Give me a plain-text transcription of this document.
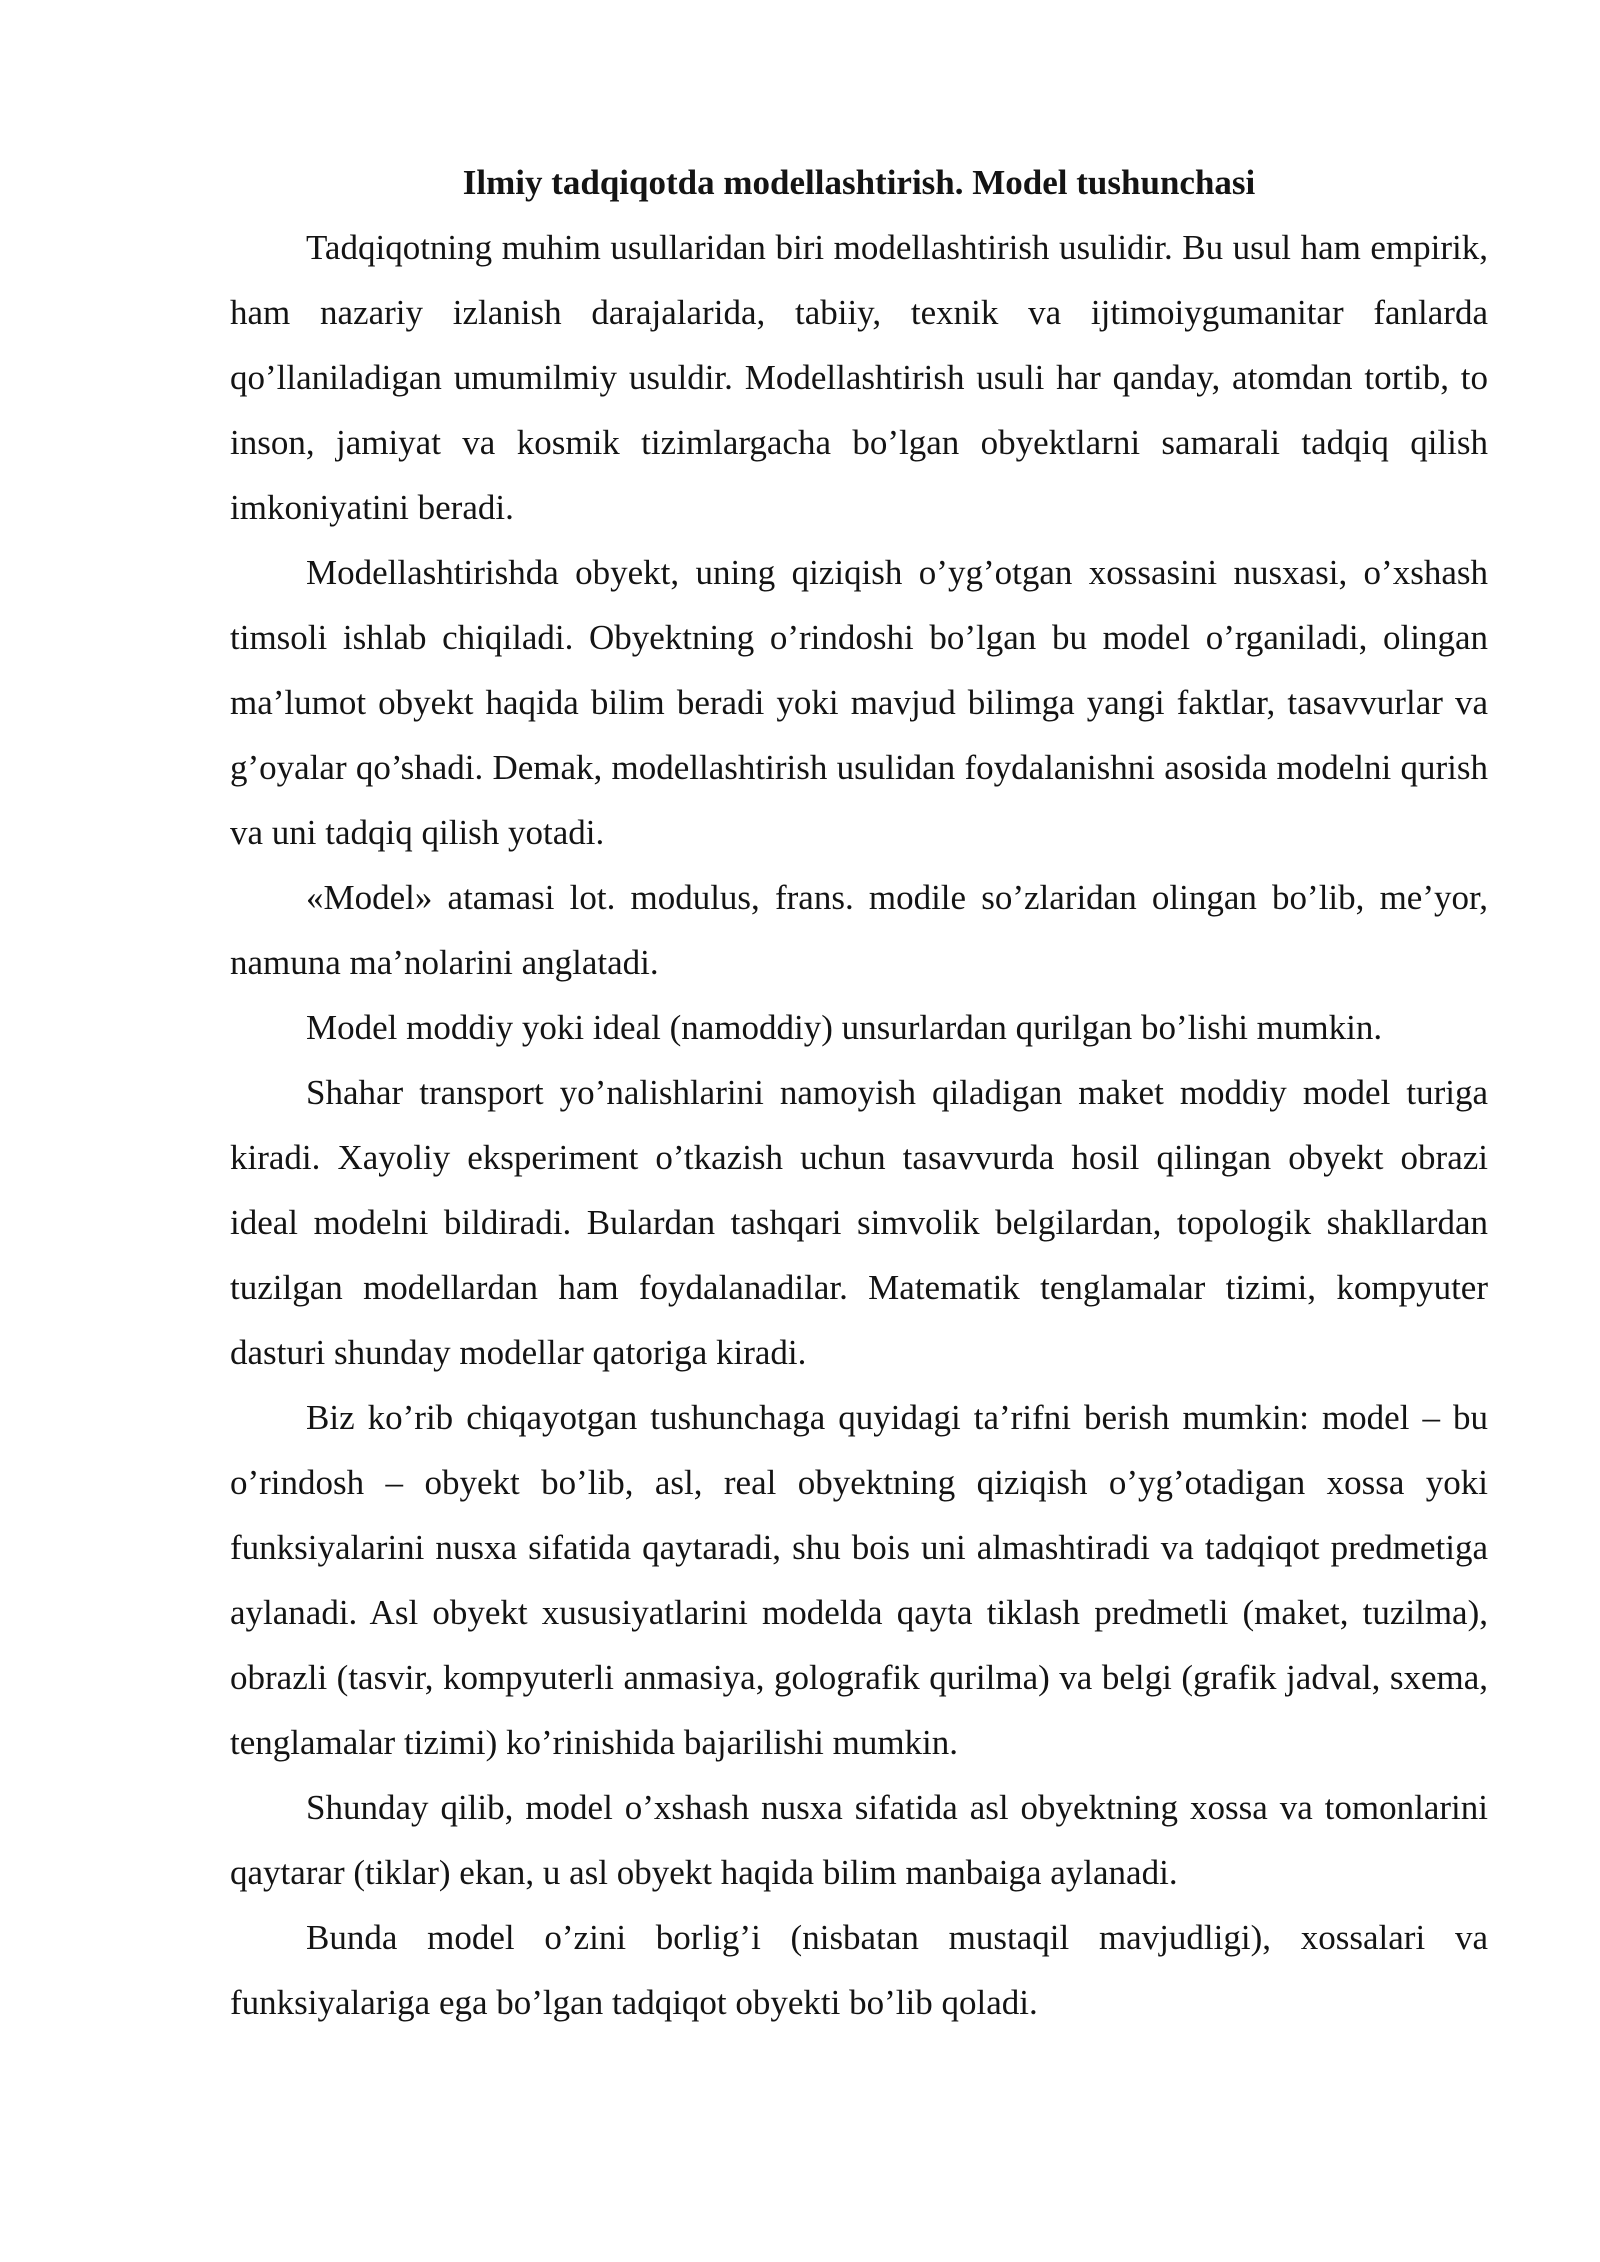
Ilmiy tadqiqotda modellashtirish. Model tushunchasi

Tadqiqotning muhim usullaridan biri modellashtirish usulidir. Bu usul ham empirik, ham nazariy izlanish darajalarida, tabiiy, texnik va ijtimoiygumanitar fanlarda qo’llaniladigan umumilmiy usuldir. Modellashtirish usuli har qanday, atomdan tortib, to inson, jamiyat va kosmik tizimlargacha bo’lgan obyektlarni samarali tadqiq qilish imkoniyatini beradi.

Modellashtirishda obyekt, uning qiziqish o’yg’otgan xossasini nusxasi, o’xshash timsoli ishlab chiqiladi. Obyektning o’rindoshi bo’lgan bu model o’rganiladi, olingan ma’lumot obyekt haqida bilim beradi yoki mavjud bilimga yangi faktlar, tasavvurlar va g’oyalar qo’shadi. Demak, modellashtirish usulidan foydalanishni asosida modelni qurish va uni tadqiq qilish yotadi.

«Model» atamasi lot. modulus, frans. modile so’zlaridan olingan bo’lib, me’yor, namuna ma’nolarini anglatadi.

Model moddiy yoki ideal (namoddiy) unsurlardan qurilgan bo’lishi mumkin.

Shahar transport yo’nalishlarini namoyish qiladigan maket moddiy model turiga kiradi. Xayoliy eksperiment o’tkazish uchun tasavvurda hosil qilingan obyekt obrazi ideal modelni bildiradi. Bulardan tashqari simvolik belgilardan, topologik shakllardan tuzilgan modellardan ham foydalanadilar. Matematik tenglamalar tizimi, kompyuter dasturi shunday modellar qatoriga kiradi.

Biz ko’rib chiqayotgan tushunchaga quyidagi ta’rifni berish mumkin: model – bu o’rindosh – obyekt bo’lib, asl, real obyektning qiziqish o’yg’otadigan xossa yoki funksiyalarini nusxa sifatida qaytaradi, shu bois uni almashtiradi va tadqiqot predmetiga aylanadi. Asl obyekt xususiyatlarini modelda qayta tiklash predmetli (maket, tuzilma), obrazli (tasvir, kompyuterli anmasiya, golografik qurilma) va belgi (grafik jadval, sxema, tenglamalar tizimi) ko’rinishida bajarilishi mumkin.

Shunday qilib, model o’xshash nusxa sifatida asl obyektning xossa va tomonlarini qaytarar (tiklar) ekan, u asl obyekt haqida bilim manbaiga aylanadi.

Bunda model o’zini borlig’i (nisbatan mustaqil mavjudligi), xossalari va funksiyalariga ega bo’lgan tadqiqot obyekti bo’lib qoladi.
